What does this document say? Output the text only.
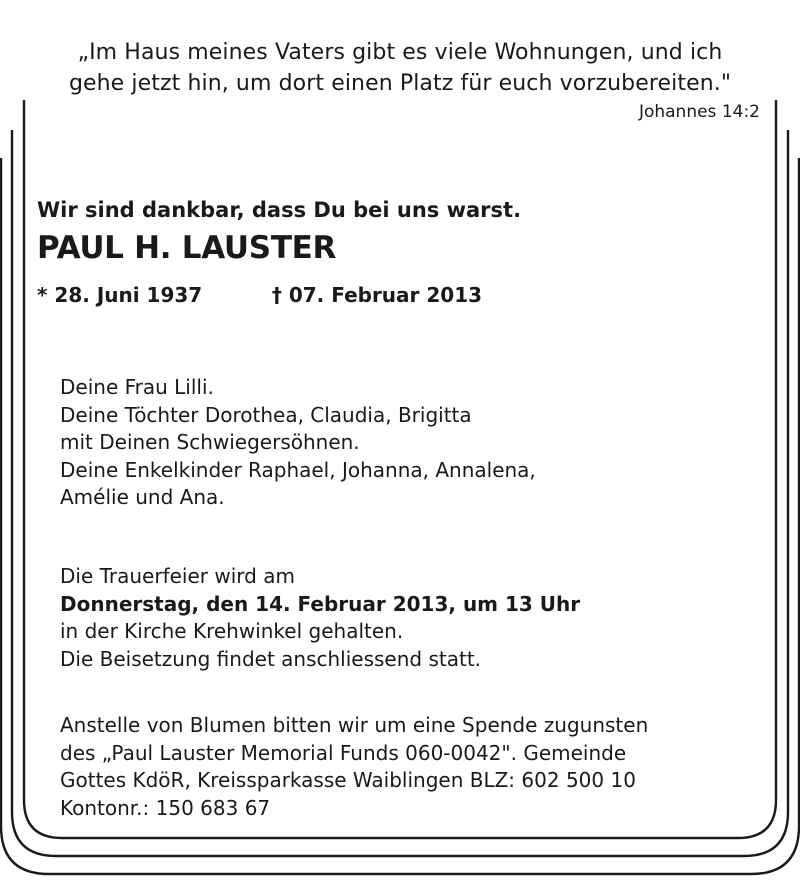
„Im Haus meines Vaters gibt es viele Wohnungen, und ich
gehe jetzt hin, um dort einen Platz für euch vorzubereiten."
Johannes 14:2
Wir sind dankbar, dass Du bei uns warst.
PAUL H. LAUSTER
* 28. Juni 1937	† 07. Februar 2013
Deine Frau Lilli.
Deine Töchter Dorothea, Claudia, Brigitta
mit Deinen Schwiegersöhnen.
Deine Enkelkinder Raphael, Johanna, Annalena,
Amélie und Ana.
Die Trauerfeier wird am
Donnerstag, den 14. Februar 2013, um 13 Uhr
in der Kirche Krehwinkel gehalten.
Die Beisetzung findet anschliessend statt.
Anstelle von Blumen bitten wir um eine Spende zugunsten
des „Paul Lauster Memorial Funds 060-0042". Gemeinde
Gottes KdöR, Kreissparkasse Waiblingen BLZ: 602 500 10
Kontonr.: 150 683 67
